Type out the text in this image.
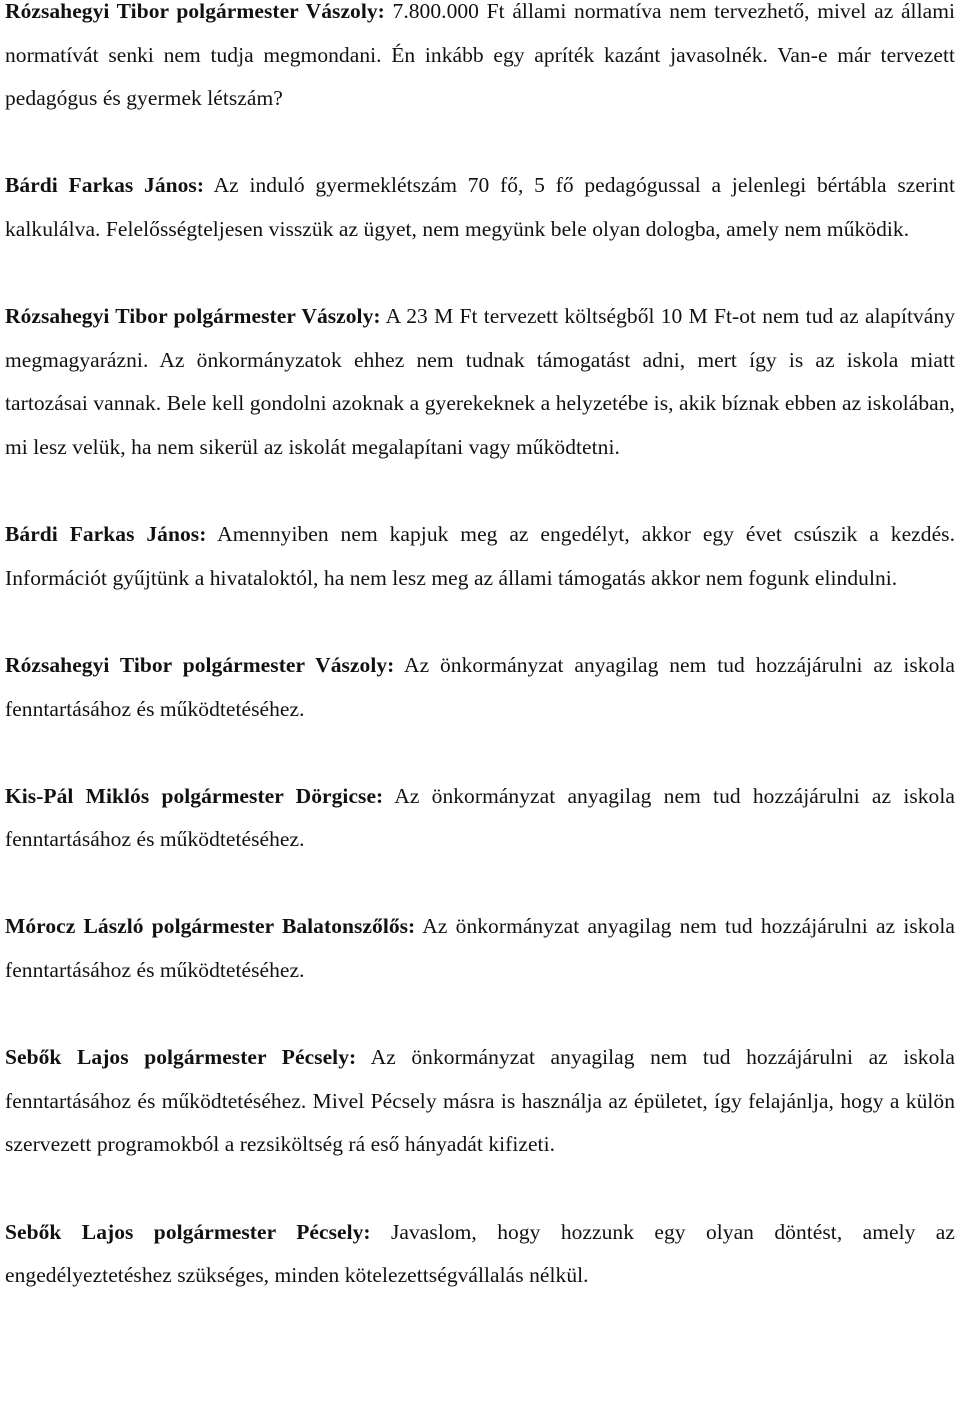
Rózsahegyi Tibor polgármester Vászoly: 7.800.000 Ft állami normatíva nem tervezhető, mivel az állami normatívát senki nem tudja megmondani. Én inkább egy apríték kazánt javasolnék. Van-e már tervezett pedagógus és gyermek létszám?

Bárdi Farkas János: Az induló gyermeklétszám 70 fő, 5 fő pedagógussal a jelenlegi bértábla szerint kalkulálva. Felelősségteljesen visszük az ügyet, nem megyünk bele olyan dologba, amely nem működik.

Rózsahegyi Tibor polgármester Vászoly: A 23 M Ft tervezett költségből 10 M Ft-ot nem tud az alapítvány megmagyarázni. Az önkormányzatok ehhez nem tudnak támogatást adni, mert így is az iskola miatt tartozásai vannak. Bele kell gondolni azoknak a gyerekeknek a helyzetébe is, akik bíznak ebben az iskolában, mi lesz velük, ha nem sikerül az iskolát megalapítani vagy működtetni.

Bárdi Farkas János: Amennyiben nem kapjuk meg az engedélyt, akkor egy évet csúszik a kezdés. Információt gyűjtünk a hivataloktól, ha nem lesz meg az állami támogatás akkor nem fogunk elindulni.

Rózsahegyi Tibor polgármester Vászoly: Az önkormányzat anyagilag nem tud hozzájárulni az iskola fenntartásához és működtetéséhez.

Kis-Pál Miklós polgármester Dörgicse: Az önkormányzat anyagilag nem tud hozzájárulni az iskola fenntartásához és működtetéséhez.

Mórocz László polgármester Balatonszőlős: Az önkormányzat anyagilag nem tud hozzájárulni az iskola fenntartásához és működtetéséhez.

Sebők Lajos polgármester Pécsely: Az önkormányzat anyagilag nem tud hozzájárulni az iskola fenntartásához és működtetéséhez. Mivel Pécsely másra is használja az épületet, így felajánlja, hogy a külön szervezett programokból a rezsiköltség rá eső hányadát kifizeti.

Sebők Lajos polgármester Pécsely: Javaslom, hogy hozzunk egy olyan döntést, amely az engedélyeztetéshez szükséges, minden kötelezettségvállalás nélkül.
